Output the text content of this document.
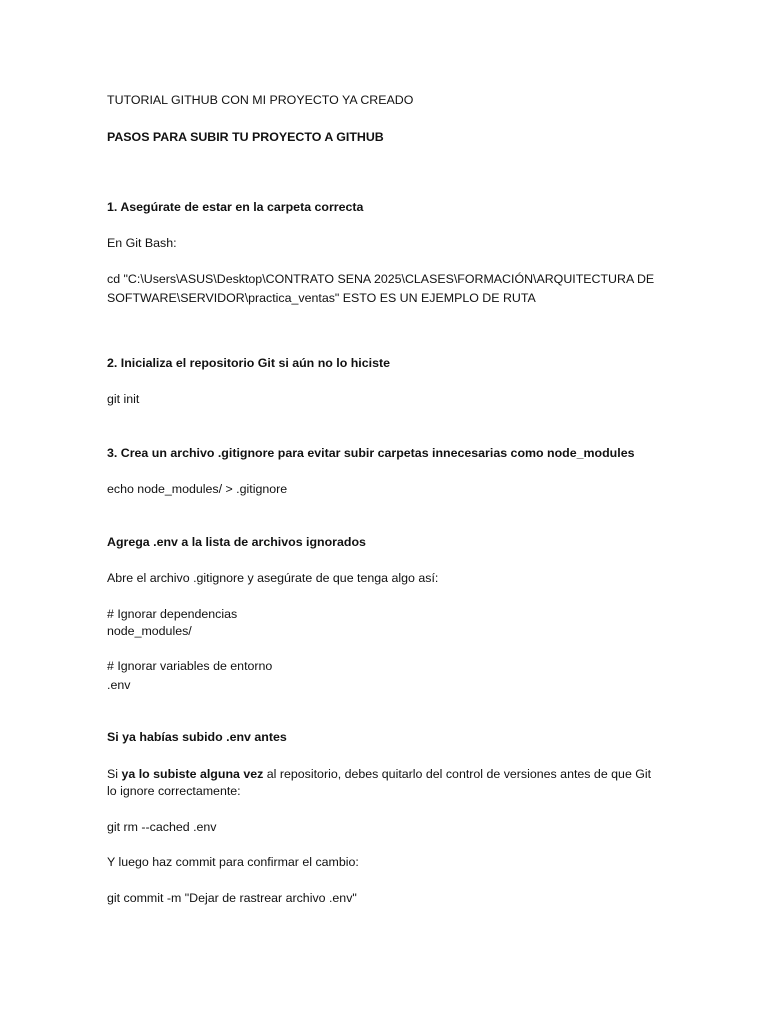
TUTORIAL GITHUB CON MI PROYECTO YA CREADO
PASOS PARA SUBIR TU PROYECTO A GITHUB
1. Asegúrate de estar en la carpeta correcta
En Git Bash:
cd "C:\Users\ASUS\Desktop\CONTRATO SENA 2025\CLASES\FORMACIÓN\ARQUITECTURA DE
SOFTWARE\SERVIDOR\practica_ventas" ESTO ES UN EJEMPLO DE RUTA
2. Inicializa el repositorio Git si aún no lo hiciste
git init
3. Crea un archivo .gitignore para evitar subir carpetas innecesarias como node_modules
echo node_modules/ > .gitignore
Agrega .env a la lista de archivos ignorados
Abre el archivo .gitignore y asegúrate de que tenga algo así:
# Ignorar dependencias
node_modules/
# Ignorar variables de entorno
.env
Si ya habías subido .env antes
Si ya lo subiste alguna vez al repositorio, debes quitarlo del control de versiones antes de que Git
lo ignore correctamente:
git rm --cached .env
Y luego haz commit para confirmar el cambio:
git commit -m "Dejar de rastrear archivo .env"
